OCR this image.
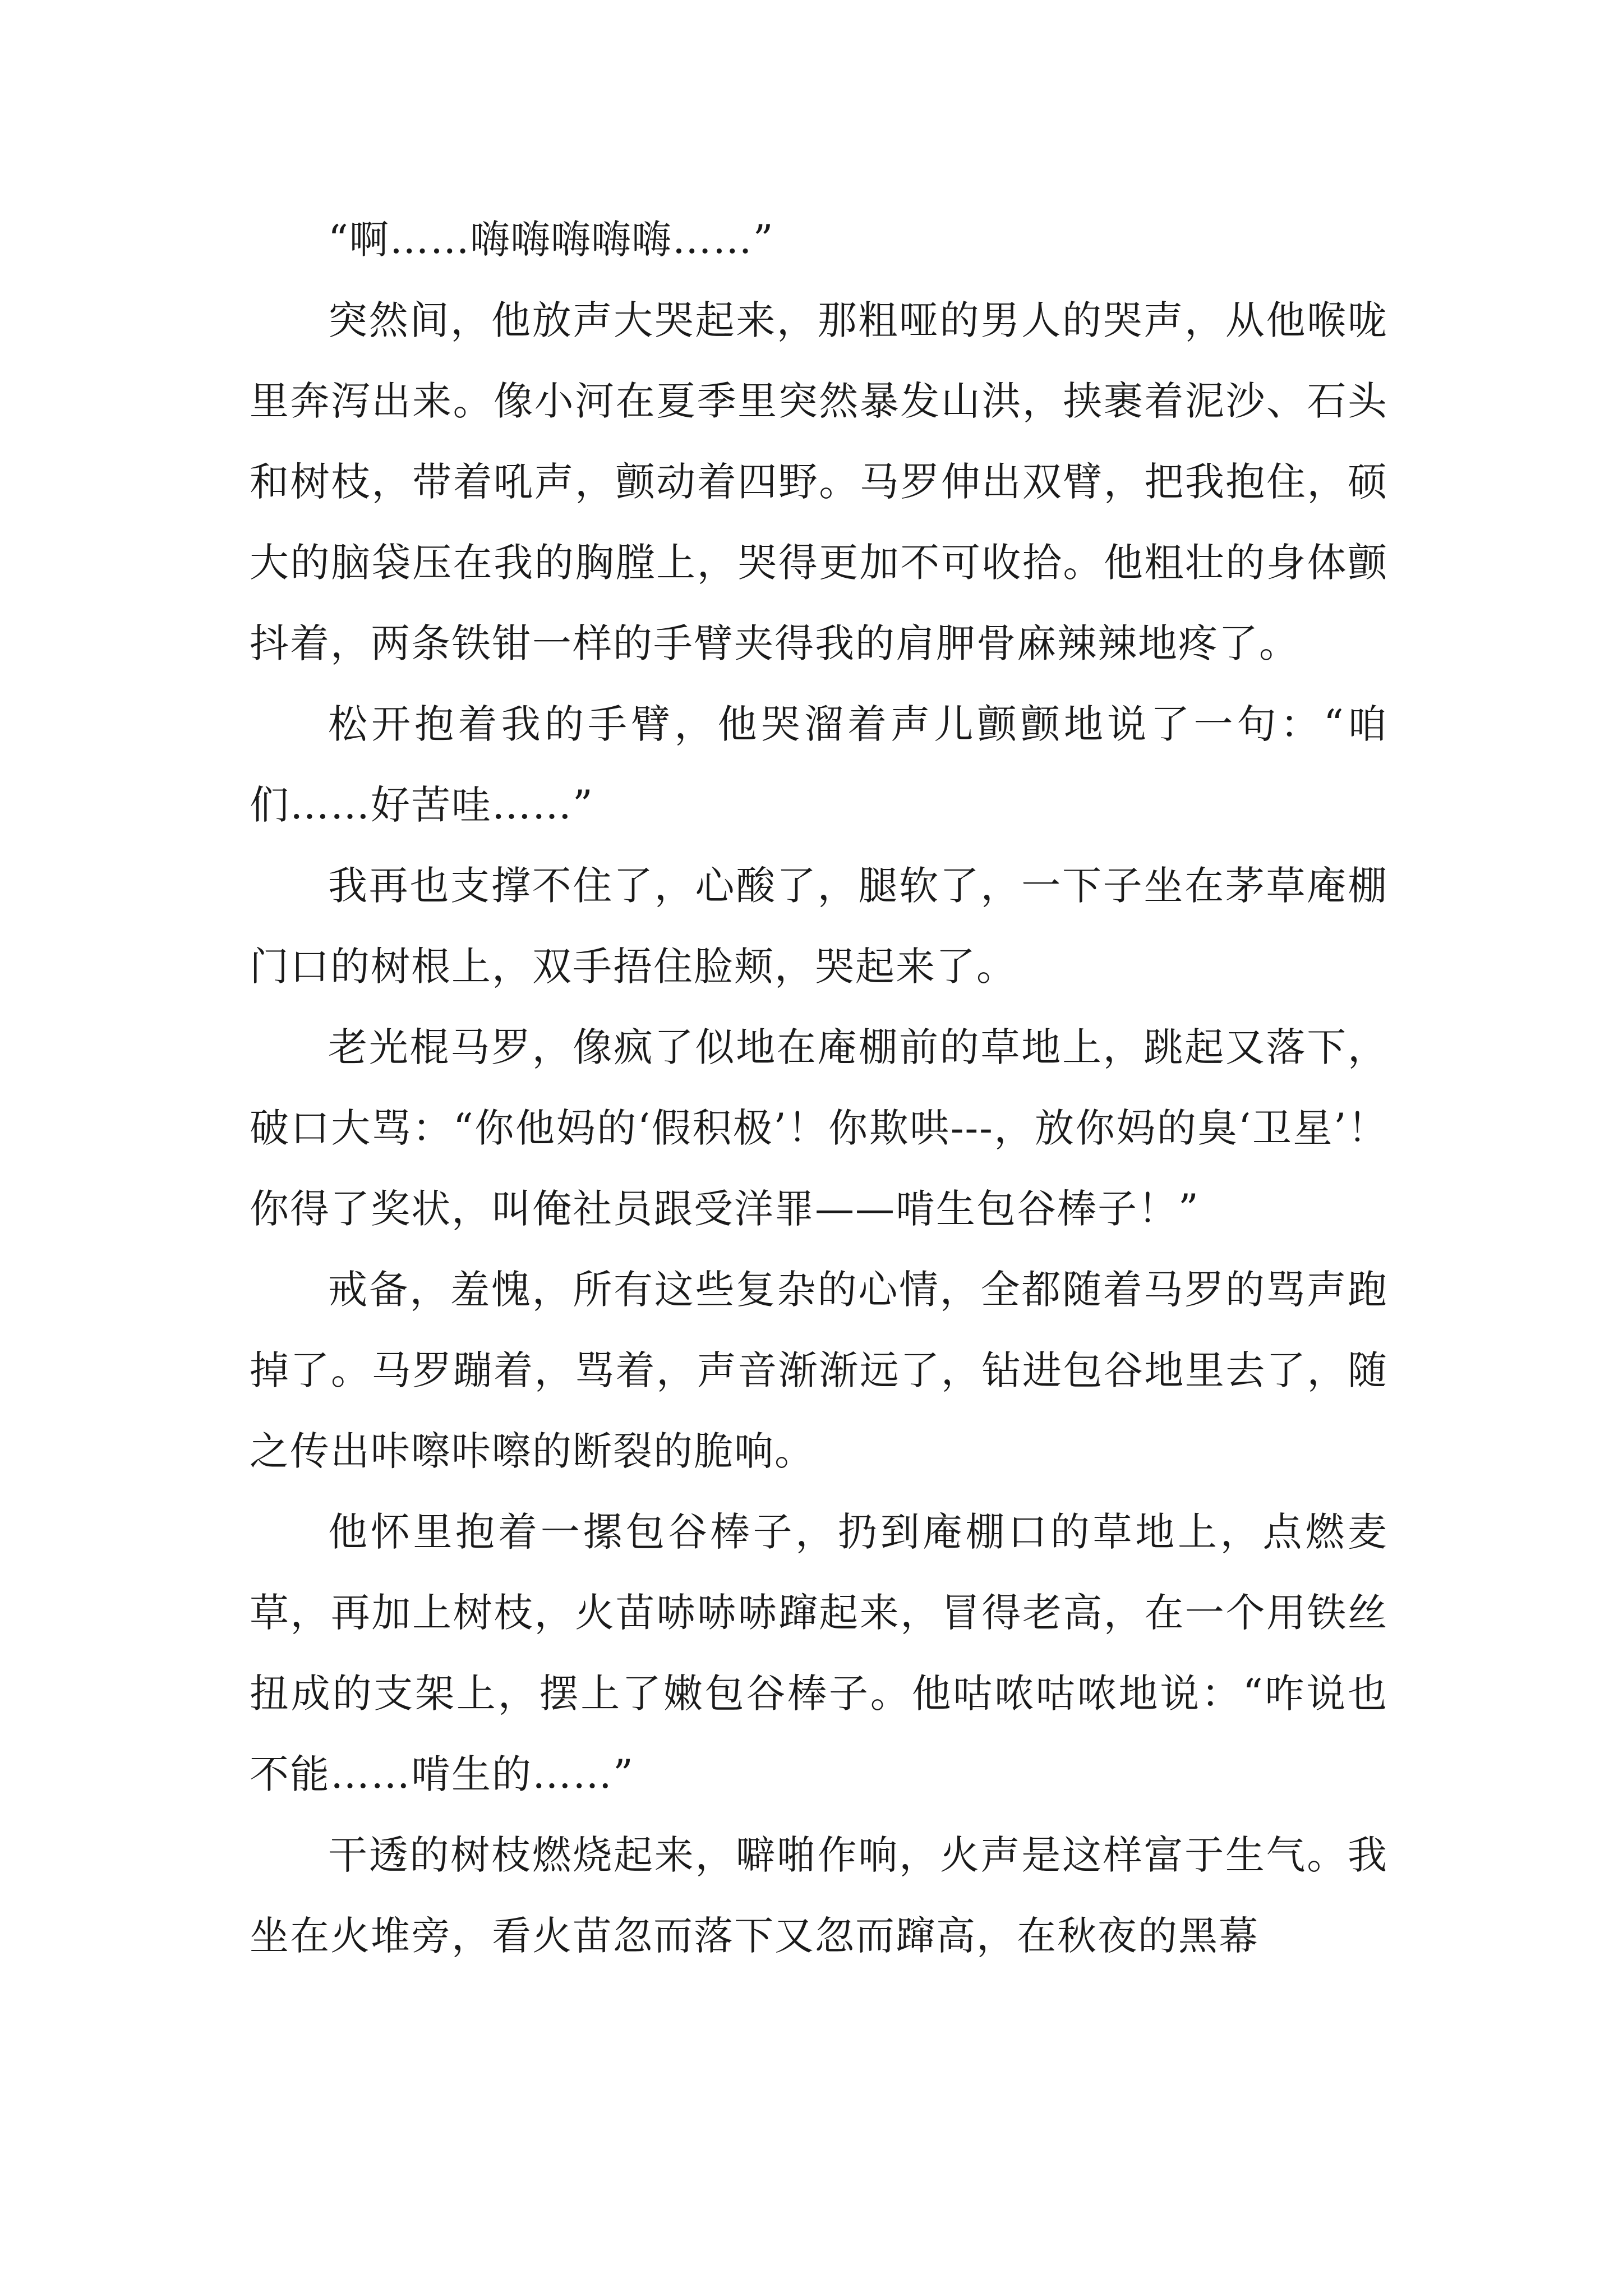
“啊……嗨嗨嗨嗨嗨……”

突然间，他放声大哭起来，那粗哑的男人的哭声，从他喉咙里奔泻出来。像小河在夏季里突然暴发山洪，挟裹着泥沙、石头和树枝，带着吼声，颤动着四野。马罗伸出双臂，把我抱住，硕大的脑袋压在我的胸膛上，哭得更加不可收拾。他粗壮的身体颤抖着，两条铁钳一样的手臂夹得我的肩胛骨麻辣辣地疼了。

松开抱着我的手臂，他哭溜着声儿颤颤地说了一句：“咱们……好苦哇……”

我再也支撑不住了，心酸了，腿软了，一下子坐在茅草庵棚门口的树根上，双手捂住脸颊，哭起来了。

老光棍马罗，像疯了似地在庵棚前的草地上，跳起又落下，破口大骂：“你他妈的‘假积极’！你欺哄---，放你妈的臭‘卫星’！你得了奖状，叫俺社员跟受洋罪——啃生包谷棒子！”

戒备，羞愧，所有这些复杂的心情，全都随着马罗的骂声跑掉了。马罗蹦着，骂着，声音渐渐远了，钻进包谷地里去了，随之传出咔嚓咔嚓的断裂的脆响。

他怀里抱着一摞包谷棒子，扔到庵棚口的草地上，点燃麦草，再加上树枝，火苗哧哧哧蹿起来，冒得老高，在一个用铁丝扭成的支架上，摆上了嫩包谷棒子。他咕哝咕哝地说：“咋说也不能……啃生的……”

干透的树枝燃烧起来，噼啪作响，火声是这样富于生气。我坐在火堆旁，看火苗忽而落下又忽而蹿高，在秋夜的黑幕
